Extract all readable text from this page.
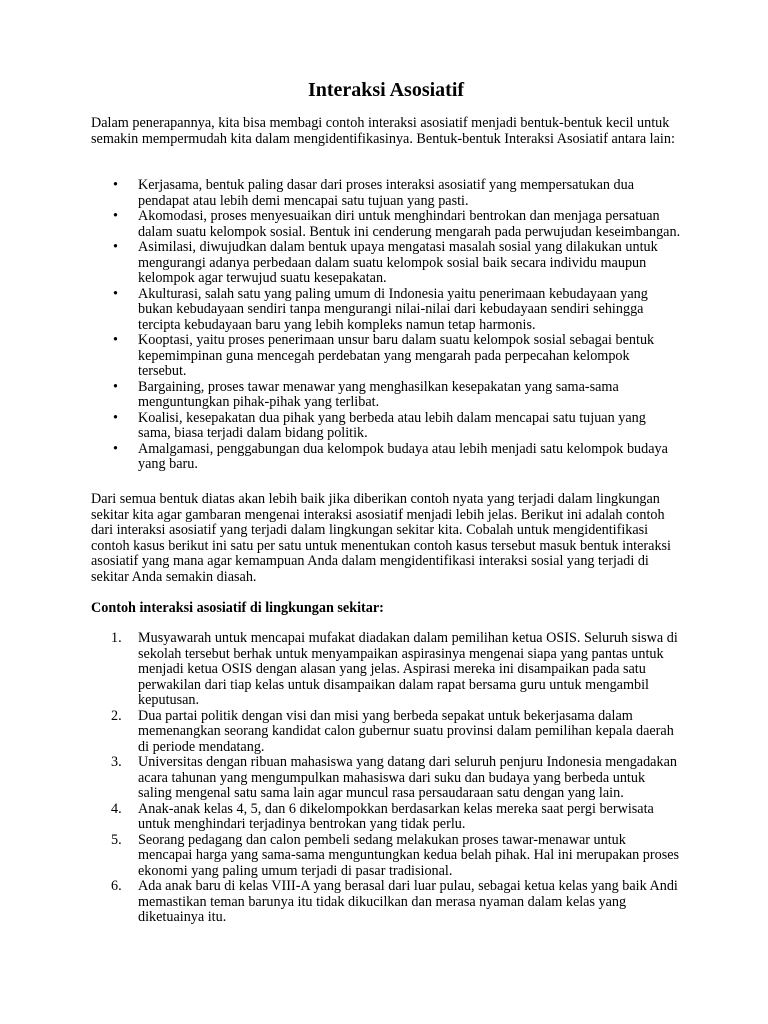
Interaksi Asosiatif

Dalam penerapannya, kita bisa membagi contoh interaksi asosiatif menjadi bentuk-bentuk kecil untuk semakin mempermudah kita dalam mengidentifikasinya. Bentuk-bentuk Interaksi Asosiatif antara lain:

• Kerjasama, bentuk paling dasar dari proses interaksi asosiatif yang mempersatukan dua pendapat atau lebih demi mencapai satu tujuan yang pasti.
• Akomodasi, proses menyesuaikan diri untuk menghindari bentrokan dan menjaga persatuan dalam suatu kelompok sosial. Bentuk ini cenderung mengarah pada perwujudan keseimbangan.
• Asimilasi, diwujudkan dalam bentuk upaya mengatasi masalah sosial yang dilakukan untuk mengurangi adanya perbedaan dalam suatu kelompok sosial baik secara individu maupun kelompok agar terwujud suatu kesepakatan.
• Akulturasi, salah satu yang paling umum di Indonesia yaitu penerimaan kebudayaan yang bukan kebudayaan sendiri tanpa mengurangi nilai-nilai dari kebudayaan sendiri sehingga tercipta kebudayaan baru yang lebih kompleks namun tetap harmonis.
• Kooptasi, yaitu proses penerimaan unsur baru dalam suatu kelompok sosial sebagai bentuk kepemimpinan guna mencegah perdebatan yang mengarah pada perpecahan kelompok tersebut.
• Bargaining, proses tawar menawar yang menghasilkan kesepakatan yang sama-sama menguntungkan pihak-pihak yang terlibat.
• Koalisi, kesepakatan dua pihak yang berbeda atau lebih dalam mencapai satu tujuan yang sama, biasa terjadi dalam bidang politik.
• Amalgamasi, penggabungan dua kelompok budaya atau lebih menjadi satu kelompok budaya yang baru.

Dari semua bentuk diatas akan lebih baik jika diberikan contoh nyata yang terjadi dalam lingkungan sekitar kita agar gambaran mengenai interaksi asosiatif menjadi lebih jelas. Berikut ini adalah contoh dari interaksi asosiatif yang terjadi dalam lingkungan sekitar kita. Cobalah untuk mengidentifikasi contoh kasus berikut ini satu per satu untuk menentukan contoh kasus tersebut masuk bentuk interaksi asosiatif yang mana agar kemampuan Anda dalam mengidentifikasi interaksi sosial yang terjadi di sekitar Anda semakin diasah.

Contoh interaksi asosiatif di lingkungan sekitar:
1. Musyawarah untuk mencapai mufakat diadakan dalam pemilihan ketua OSIS. Seluruh siswa di sekolah tersebut berhak untuk menyampaikan aspirasinya mengenai siapa yang pantas untuk menjadi ketua OSIS dengan alasan yang jelas. Aspirasi mereka ini disampaikan pada satu perwakilan dari tiap kelas untuk disampaikan dalam rapat bersama guru untuk mengambil keputusan.
2. Dua partai politik dengan visi dan misi yang berbeda sepakat untuk bekerjasama dalam memenangkan seorang kandidat calon gubernur suatu provinsi dalam pemilihan kepala daerah di periode mendatang.
3. Universitas dengan ribuan mahasiswa yang datang dari seluruh penjuru Indonesia mengadakan acara tahunan yang mengumpulkan mahasiswa dari suku dan budaya yang berbeda untuk saling mengenal satu sama lain agar muncul rasa persaudaraan satu dengan yang lain.
4. Anak-anak kelas 4, 5, dan 6 dikelompokkan berdasarkan kelas mereka saat pergi berwisata untuk menghindari terjadinya bentrokan yang tidak perlu.
5. Seorang pedagang dan calon pembeli sedang melakukan proses tawar-menawar untuk mencapai harga yang sama-sama menguntungkan kedua belah pihak. Hal ini merupakan proses ekonomi yang paling umum terjadi di pasar tradisional.
6. Ada anak baru di kelas VIII-A yang berasal dari luar pulau, sebagai ketua kelas yang baik Andi memastikan teman barunya itu tidak dikucilkan dan merasa nyaman dalam kelas yang diketuainya itu.
